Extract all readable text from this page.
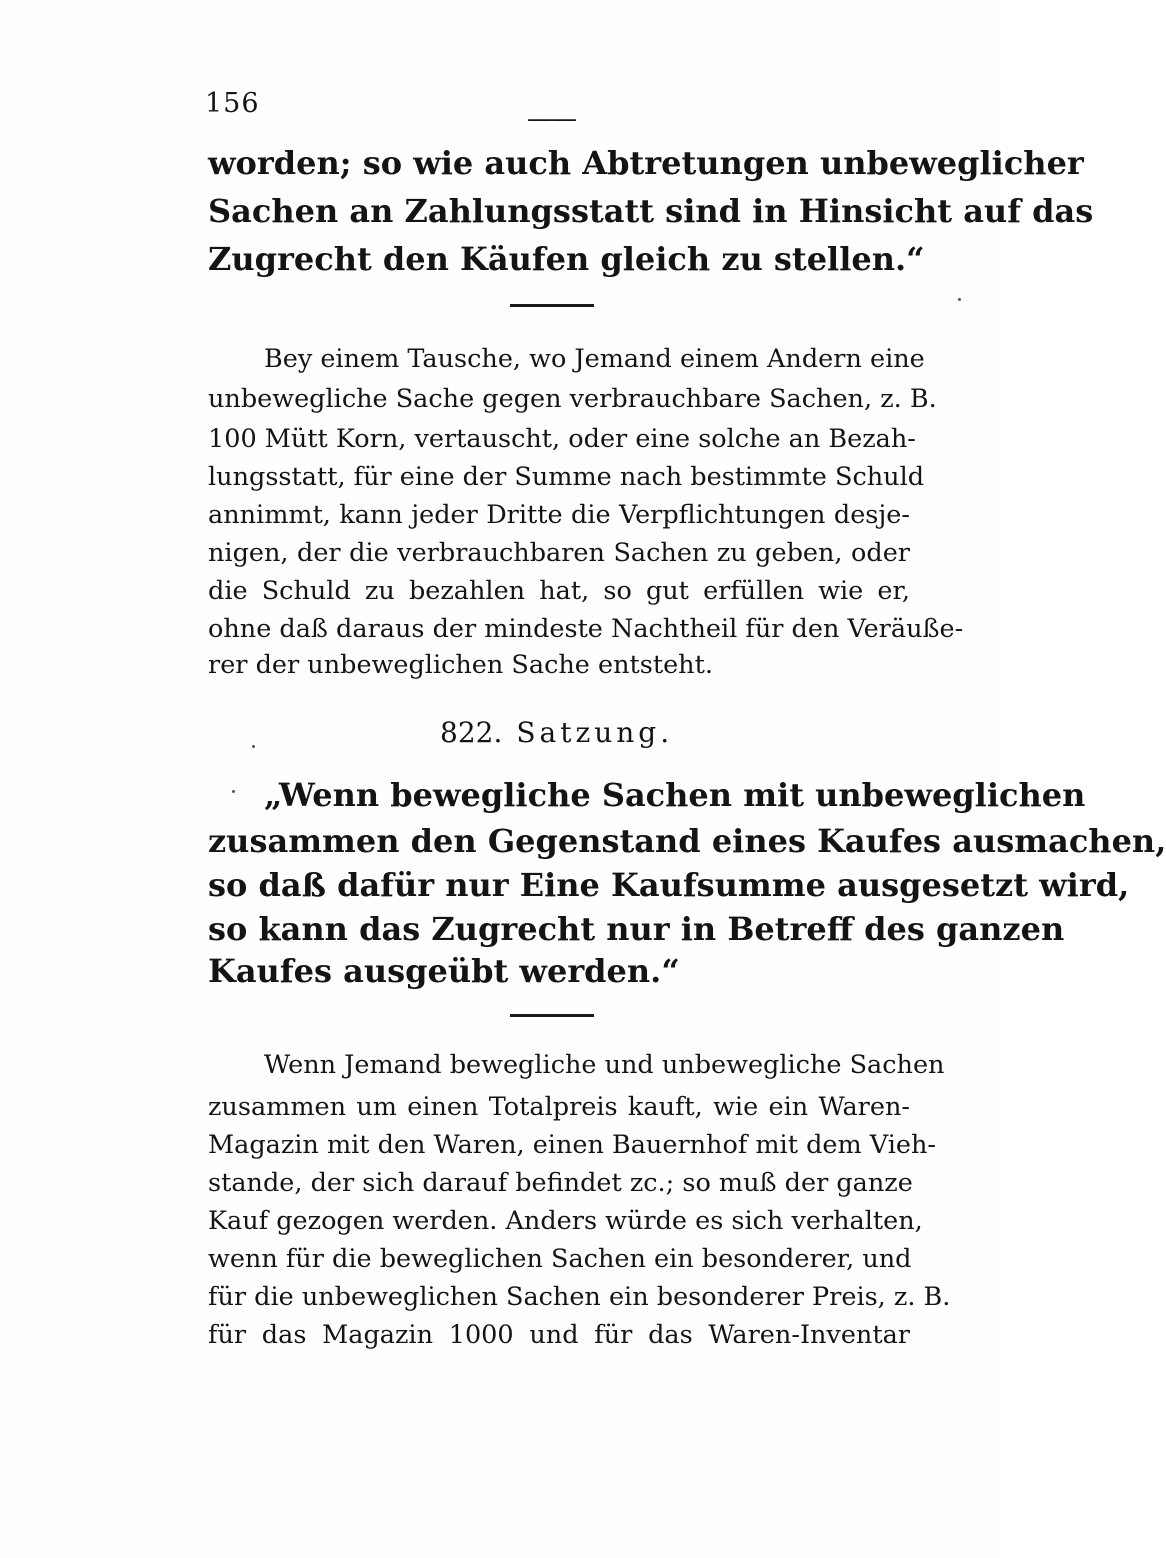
156	——
worden; so wie auch Abtretungen unbeweglicher
Sachen an Zahlungsstatt sind in Hinsicht auf das
Zugrecht den Käufen gleich zu stellen.“
Bey einem Tausche, wo Jemand einem Andern eine
unbewegliche Sache gegen verbrauchbare Sachen, z. B.
100 Mütt Korn, vertauscht, oder eine solche an Bezah-
lungsstatt, für eine der Summe nach bestimmte Schuld
annimmt, kann jeder Dritte die Verpflichtungen desje-
nigen, der die verbrauchbaren Sachen zu geben, oder
die Schuld zu bezahlen hat, so gut erfüllen wie er,
ohne daß daraus der mindeste Nachtheil für den Veräuße-
rer der unbeweglichen Sache entsteht.
822. Satzung.
„Wenn bewegliche Sachen mit unbeweglichen
zusammen den Gegenstand eines Kaufes ausmachen,
so daß dafür nur Eine Kaufsumme ausgesetzt wird,
so kann das Zugrecht nur in Betreff des ganzen
Kaufes ausgeübt werden.“
Wenn Jemand bewegliche und unbewegliche Sachen
zusammen um einen Totalpreis kauft, wie ein Waren-
Magazin mit den Waren, einen Bauernhof mit dem Vieh-
stande, der sich darauf befindet zc.; so muß der ganze
Kauf gezogen werden. Anders würde es sich verhalten,
wenn für die beweglichen Sachen ein besonderer, und
für die unbeweglichen Sachen ein besonderer Preis, z. B.
für das Magazin 1000 und für das Waren-Inventar
